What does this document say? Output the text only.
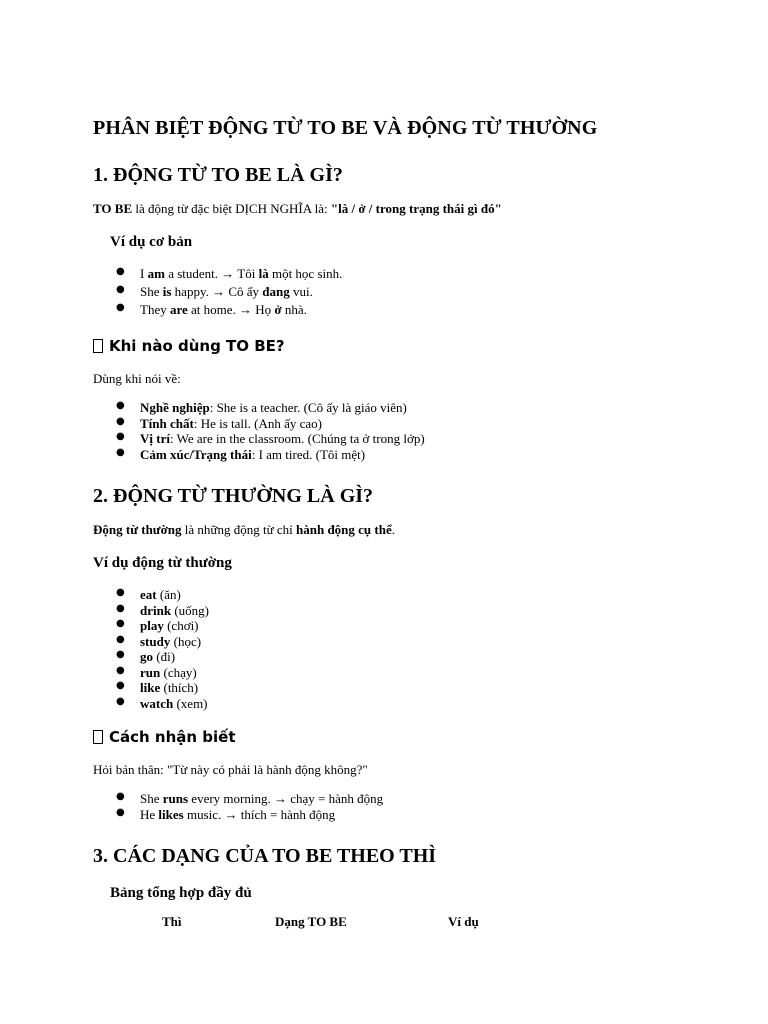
PHÂN BIỆT ĐỘNG TỪ TO BE VÀ ĐỘNG TỪ THƯỜNG
1. ĐỘNG TỪ TO BE LÀ GÌ?

TO BE là động từ đặc biệt DỊCH NGHĨA là: "là / ở / trong trạng thái gì đó"

Ví dụ cơ bản
● I am a student. → Tôi là một học sinh.
● She is happy. → Cô ấy đang vui.
● They are at home. → Họ ở nhà.
Khi nào dùng TO BE?

Dùng khi nói về:

● Nghề nghiệp: She is a teacher. (Cô ấy là giáo viên)
● Tính chất: He is tall. (Anh ấy cao)
● Vị trí: We are in the classroom. (Chúng ta ở trong lớp)
● Cảm xúc/Trạng thái: I am tired. (Tôi mệt)
2. ĐỘNG TỪ THƯỜNG LÀ GÌ?

Động từ thường là những động từ chỉ hành động cụ thể.

Ví dụ động từ thường
● eat (ăn)
● drink (uống)
● play (chơi)
● study (học)
● go (đi)
● run (chạy)
● like (thích)
● watch (xem)
Cách nhận biết

Hỏi bản thân: "Từ này có phải là hành động không?"

● She runs every morning. → chạy = hành động
● He likes music. → thích = hành động
3. CÁC DẠNG CỦA TO BE THEO THÌ
Bảng tổng hợp đầy đủ
Thì	Dạng TO BE	Ví dụ
